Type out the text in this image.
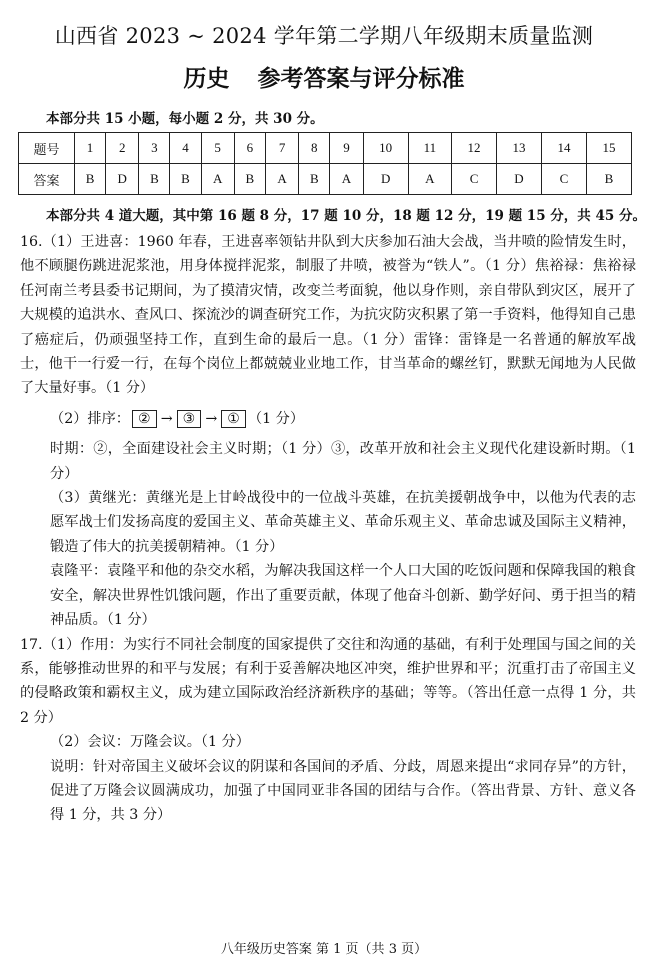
山西省 2023 ~ 2024 学年第二学期八年级期末质量监测
历史 参考答案与评分标准
本部分共 15 小题，每小题 2 分，共 30 分。
题号	1	2	3	4	5	6	7	8	9	10	11	12	13	14	15
答案	B	D	B	B	A	B	A	B	A	D	A	C	D	C	B
本部分共 4 道大题，其中第 16 题 8 分，17 题 10 分，18 题 12 分，19 题 15 分，共 45 分。

16.（1）王进喜：1960 年春，王进喜率领钻井队到大庆参加石油大会战，当井喷的险情发生时，他不顾腿伤跳进泥浆池，用身体搅拌泥浆，制服了井喷，被誉为“铁人”。（1 分）焦裕禄：焦裕禄任河南兰考县委书记期间，为了摸清灾情，改变兰考面貌，他以身作则，亲自带队到灾区，展开了大规模的追洪水、查风口、探流沙的调查研究工作，为抗灾防灾积累了第一手资料，他得知自己患了癌症后，仍顽强坚持工作，直到生命的最后一息。（1 分）雷锋：雷锋是一名普通的解放军战士，他干一行爱一行，在每个岗位上都兢兢业业地工作，甘当革命的螺丝钉，默默无闻地为人民做了大量好事。（1 分）

（2）排序： ② → ③ → ① （1 分）

时期：②，全面建设社会主义时期；（1 分）③，改革开放和社会主义现代化建设新时期。（1 分）

（3）黄继光：黄继光是上甘岭战役中的一位战斗英雄，在抗美援朝战争中，以他为代表的志愿军战士们发扬高度的爱国主义、革命英雄主义、革命乐观主义、革命忠诚及国际主义精神，锻造了伟大的抗美援朝精神。（1 分）

袁隆平：袁隆平和他的杂交水稻，为解决我国这样一个人口大国的吃饭问题和保障我国的粮食安全，解决世界性饥饿问题，作出了重要贡献，体现了他奋斗创新、勤学好问、勇于担当的精神品质。（1 分）

17.（1）作用：为实行不同社会制度的国家提供了交往和沟通的基础，有利于处理国与国之间的关系，能够推动世界的和平与发展；有利于妥善解决地区冲突，维护世界和平；沉重打击了帝国主义的侵略政策和霸权主义，成为建立国际政治经济新秩序的基础；等等。（答出任意一点得 1 分，共 2 分）

（2）会议：万隆会议。（1 分）

说明：针对帝国主义破坏会议的阴谋和各国间的矛盾、分歧，周恩来提出“求同存异”的方针，促进了万隆会议圆满成功，加强了中国同亚非各国的团结与合作。（答出背景、方针、意义各得 1 分，共 3 分）

八年级历史答案 第 1 页（共 3 页）
